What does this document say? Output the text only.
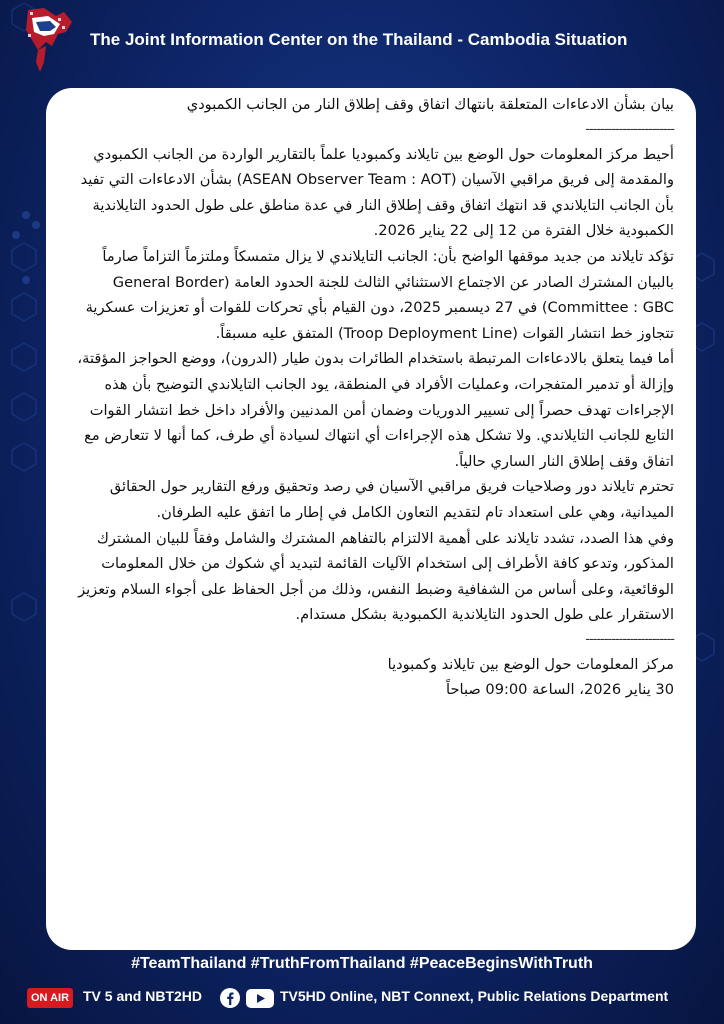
The Joint Information Center on the Thailand - Cambodia Situation

بيان بشأن الادعاءات المتعلقة بانتهاك اتفاق وقف إطلاق النار من الجانب الكمبودي

------------------------

أحيط مركز المعلومات حول الوضع بين تايلاند وكمبوديا علماً بالتقارير الواردة من الجانب الكمبودي والمقدمة إلى فريق مراقبي الآسيان (ASEAN Observer Team : AOT) بشأن الادعاءات التي تفيد بأن الجانب التايلاندي قد انتهك اتفاق وقف إطلاق النار في عدة مناطق على طول الحدود التايلاندية الكمبودية خلال الفترة من 12 إلى 22 يناير 2026.

تؤكد تايلاند من جديد موقفها الواضح بأن: الجانب التايلاندي لا يزال متمسكاً وملتزماً التزاماً صارماً بالبيان المشترك الصادر عن الاجتماع الاستثنائي الثالث للجنة الحدود العامة (General Border Committee : GBC) في 27 ديسمبر 2025، دون القيام بأي تحركات للقوات أو تعزيزات عسكرية تتجاوز خط انتشار القوات (Troop Deployment Line) المتفق عليه مسبقاً.

أما فيما يتعلق بالادعاءات المرتبطة باستخدام الطائرات بدون طيار (الدرون)، ووضع الحواجز المؤقتة، وإزالة أو تدمير المتفجرات، وعمليات الأفراد في المنطقة، يود الجانب التايلاندي التوضيح بأن هذه الإجراءات تهدف حصراً إلى تسيير الدوريات وضمان أمن المدنيين والأفراد داخل خط انتشار القوات التابع للجانب التايلاندي. ولا تشكل هذه الإجراءات أي انتهاك لسيادة أي طرف، كما أنها لا تتعارض مع اتفاق وقف إطلاق النار الساري حالياً.

تحترم تايلاند دور وصلاحيات فريق مراقبي الآسيان في رصد وتحقيق ورفع التقارير حول الحقائق الميدانية، وهي على استعداد تام لتقديم التعاون الكامل في إطار ما اتفق عليه الطرفان.

وفي هذا الصدد، تشدد تايلاند على أهمية الالتزام بالتفاهم المشترك والشامل وفقاً للبيان المشترك المذكور، وتدعو كافة الأطراف إلى استخدام الآليات القائمة لتبديد أي شكوك من خلال المعلومات الوقائعية، وعلى أساس من الشفافية وضبط النفس، وذلك من أجل الحفاظ على أجواء السلام وتعزيز الاستقرار على طول الحدود التايلاندية الكمبودية بشكل مستدام.

------------------------

مركز المعلومات حول الوضع بين تايلاند وكمبوديا

30 يناير 2026، الساعة 09:00 صباحاً

#TeamThailand #TruthFromThailand #PeaceBeginsWithTruth
ON AIR TV 5 and NBT2HD	TV5HD Online, NBT Connext, Public Relations Department
